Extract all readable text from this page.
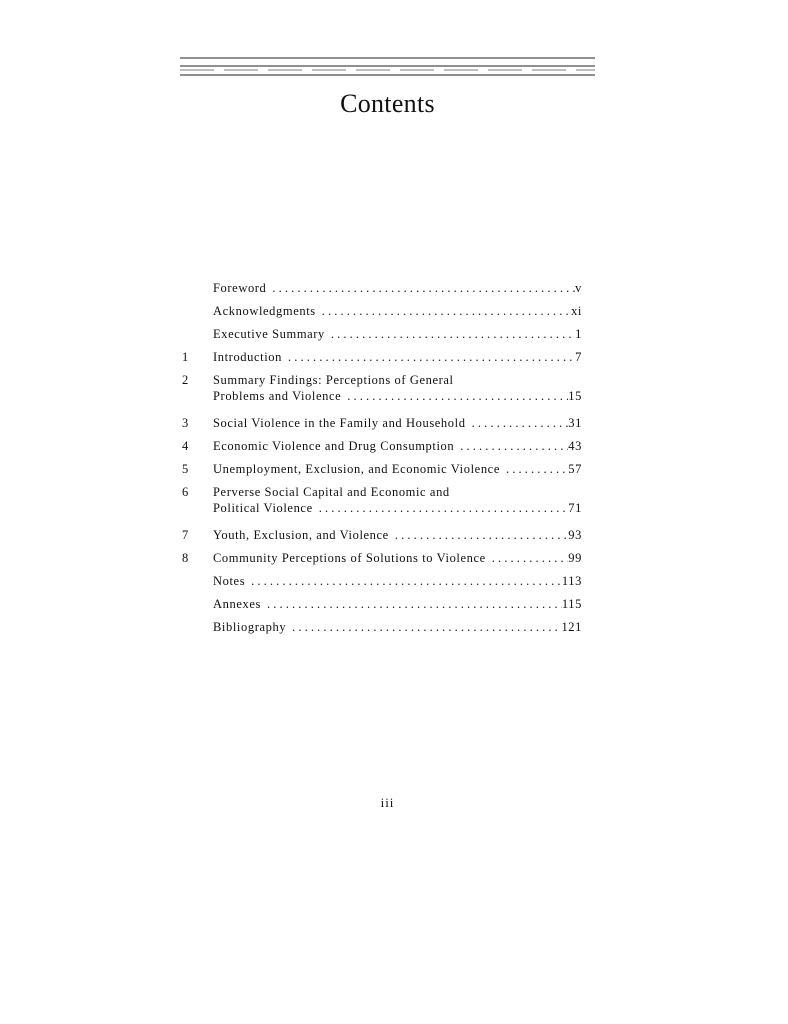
Contents
Foreword . . .	v
Acknowledgments . . .	xi
Executive Summary . . .	1
1	Introduction . . .	7
2	Summary Findings: Perceptions of General
Problems and Violence . . .	15
3	Social Violence in the Family and Household . . .	31
4	Economic Violence and Drug Consumption . . .	43
5	Unemployment, Exclusion, and Economic Violence . . .	57
6	Perverse Social Capital and Economic and
Political Violence . . .	71
7	Youth, Exclusion, and Violence . . .	93
8	Community Perceptions of Solutions to Violence . . .	99
Notes . . .	113
Annexes . . .	115
Bibliography . . .	121
iii
